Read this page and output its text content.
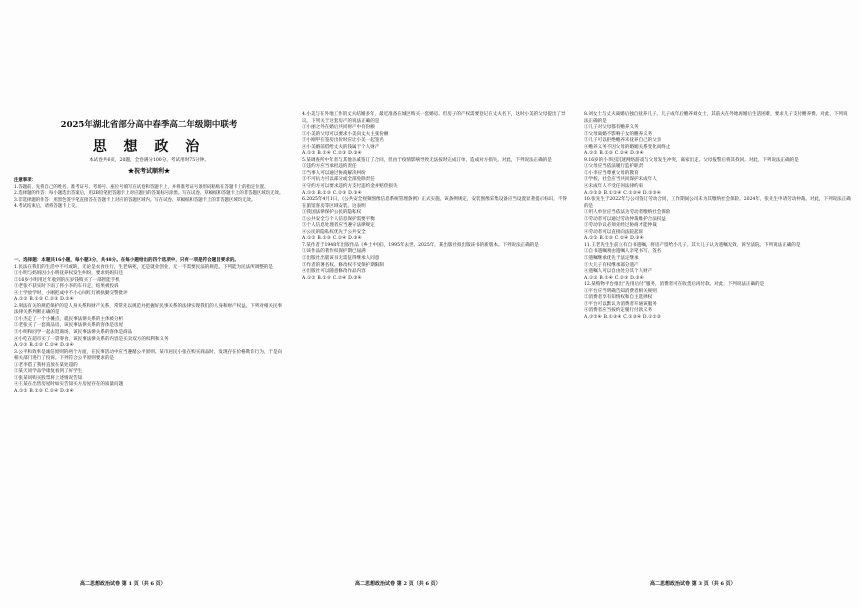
2025年湖北省部分高中春季高二年级期中联考
思 想 政 治
本试卷共6页，20题，全卷满分100分。考试用时75分钟。
★祝考试顺利★

注意事项：

1.答题前，先将自己的姓名、准考证号、考场号、座位号填写在试卷和答题卡上，并将准考证号条形码粘贴在答题卡上的指定位置。

2.选择题的作答：每小题选出答案后，用2B铅笔把答题卡上对应题目的答案标号涂黑。写在试卷、草稿纸和答题卡上的非答题区域均无效。

3.非选择题的作答：用黑色签字笔直接答在答题卡上对应的答题区域内。写在试卷、草稿纸和答题卡上的非答题区域均无效。

4.考试结束后，请将答题卡上交。

一、选择题：本题共16小题，每小题3分，共48分。在每小题给出的四个选项中，只有一项是符合题目要求的。

1.民法在我们的生活中不可或缺，无论是衣食住行，生老病死，还是就业创业，无一不需要民法的规范。下列能为民法所调整的是

①小明与妈妈因小小明抚养权发生纠纷，要求妈妈归还

②16岁小明用过年收到的压岁钱购买了一部智能手机

③老张不获实时下雨了将小李的车开走，结果被投诉

④上学放学时，小刚把成中不小心闯红灯被执勤交警批评

A.①② B.①③ C.②③ D.②④

2.刑法有关的规范保护的是人身关系和财产关系，常常先以规范并把握好民事关系的法律实现我们的人身和财产权益。下列对相关民事法律关系判断正确的是

①小杰走了一个小摊点，就民事法律关系的主体被分析

②老张买了一套商品房，该民事法律关系的客体是房屋

③小明和同学一起去逛商场，该民事法律关系的客体是商品

④小吃在超市买了一袋零食，该民事法律关系的内容是买卖双方的权利和义务

A.①② B.①③ C.②④ D.③④

3.公平和效率是诚信原则的两个方面，在民事活动中应当遵循公平原则。某市居民小张在购买商品时，发现存在价格欺诈行为，于是向相关部门进行了投诉。下列符合公平原则要求的是

①老李借了我村直放在某处超的

②某天同学品学康复看到了好学生

③张某同购买股票将上述情况告知

④王某在出售房屋时如实告知买方房屋存在的质量问题

A.①② B.①③ C.②④ D.③④

4.小美与在外地工作的丈夫结婚多年，最近准备在城区购买一套婚房。但房子的产权需要登记在丈夫名下，这时小美的父母提出了异议。下列关于这套房产的说法正确的是

①小丽之外在婚后共同财产中有份额

②小美的父母可以要求小美向丈夫主张份额

③小刚甲在签房出价时应让小美一起签名

④小美婚前借给丈夫的钱属于个人财产

A.①② B.①④ C.②③ D.③④

5.某调查所中年者与其他亲戚签订了合同，但由于疫情影响导致无法按时完成订单，造成对方损失。对此，下列说法正确的是

①违约方应当承担违约责任

②当事人可以通过协商解决纠纷

③不可抗力可以部分或全部免除责任

④守约方可以要求违约方支付违约金并赔偿损失

A.①② B.①③ C.②③ D.③④

6.2025年4月1日，《公共安全视频图像信息系统管理条例》正式实施。该条例规定，安装图像采集设备应当设置显著提示标识，不得在旅馆客房等区域安装。这表明

①我国法律保护公民的隐私权

②公共安全与个人信息保护需要平衡

③个人信息处理者应当遵守法律规定

④公民的隐私权优先于公共安全

A.①② B.①③ C.②④ D.③④

7.某作者于1948年出版作品《乡土中国》，1995年去世。2025年，某出版社拟出版该书的新版本。下列说法正确的是

①该作品的著作权保护期已届满

②出版社出版该书无需征得继承人同意

③作者的署名权、修改权不受保护期限制

④出版社可以随意修改作品内容

A.①② B.①③ C.②④ D.③④

8.刘女士与丈夫离婚后独自抚养儿子。儿子成年后赡养刘女士，其前夫在外地再婚后生活困难，要求儿子支付赡养费。对此，下列说法正确的是

①儿子对父母都有赡养义务

②父母离婚不影响子女的赡养义务

③儿子可以拒绝赡养未抚养自己的父亲

④赡养义务不因父母的婚姻关系变化而终止

A.①② B.①③ C.②④ D.③④

9.16岁的小李因沉迷网络游戏与父母发生冲突，离家出走。父母报警后将其找回。对此，下列说法正确的是

①父母应当依法履行监护职责

②小李应当尊重父母的教育

③学校、社会应当共同保护未成年人

④未成年人不受任何法律约束

A.①②③ B.①②④ C.①③④ D.②③④

10.张先生于2022年与公司签订劳动合同，工作期间公司未为其缴纳社会保险。2024年，张先生申请劳动仲裁。对此，下列说法正确的是

①用人单位应当依法为劳动者缴纳社会保险

②劳动者可以通过劳动仲裁维护合法权益

③劳动争议必须先经过协商才能仲裁

④劳动者可以直接向法院起诉

A.①② B.①③ C.②④ D.③④

11.王老先生生前立有自书遗嘱，将房产留给小儿子。其大儿子认为遗嘱无效，诉至法院。下列说法正确的是

①自书遗嘱须由遗嘱人亲笔书写、签名

②遗嘱继承优先于法定继承

③大儿子有权继承部分遗产

④遗嘱人可以自由处分其个人财产

A.①② B.①④ C.②③ D.③④

12.某购物平台推出“先用后付”服务，消费者可在收货后再付款。对此，下列说法正确的是

①平台应当明确告知消费者相关规则

②消费者享有知情权和自主选择权

③平台可以默认为消费者开通该服务

④消费者应当按约定履行付款义务

A.①②④ B.①③④ C.②③④ D.①②③

高二思想政治试卷 第 1 页（共 6 页）	高二思想政治试卷 第 2 页（共 6 页）	高二思想政治试卷 第 3 页（共 6 页）
